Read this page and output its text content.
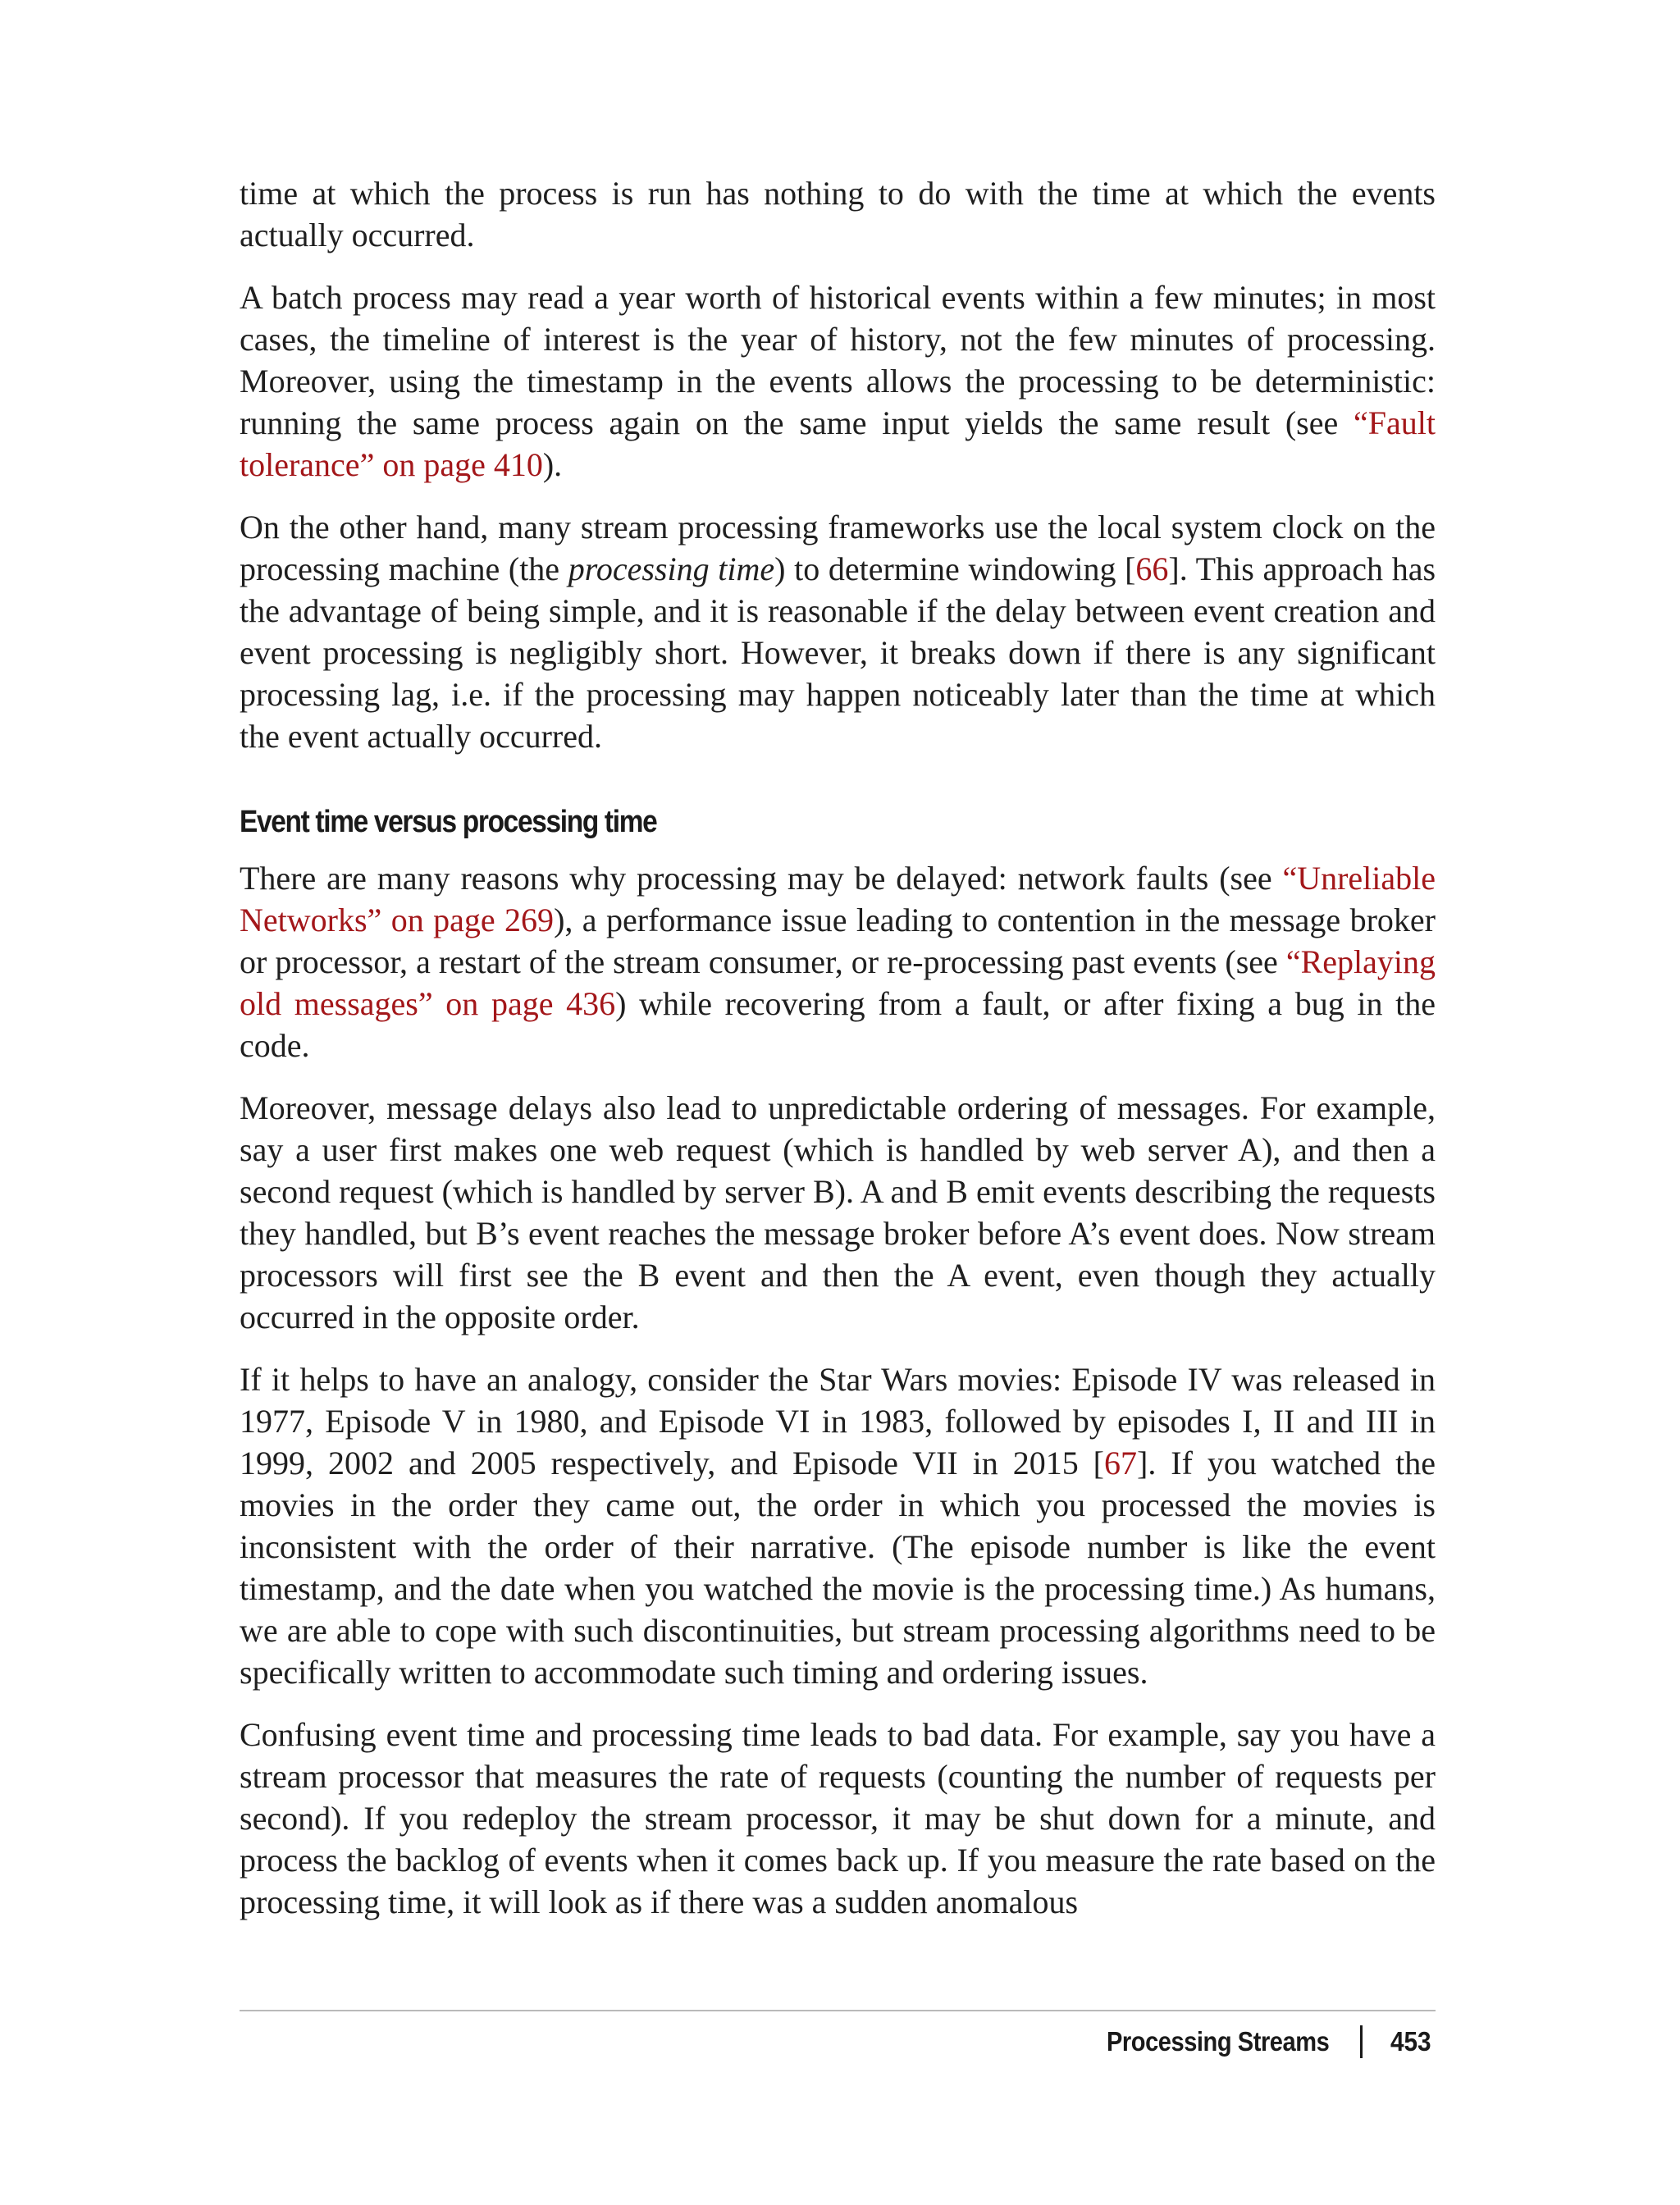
time at which the process is run has nothing to do with the time at which the events actually occurred.

A batch process may read a year worth of historical events within a few minutes; in most cases, the timeline of interest is the year of history, not the few minutes of processing. Moreover, using the timestamp in the events allows the processing to be deterministic: running the same process again on the same input yields the same result (see “Fault tolerance” on page 410).

On the other hand, many stream processing frameworks use the local system clock on the processing machine (the processing time) to determine windowing [66]. This approach has the advantage of being simple, and it is reasonable if the delay between event creation and event processing is negligibly short. However, it breaks down if there is any significant processing lag, i.e. if the processing may happen noticeably later than the time at which the event actually occurred.

Event time versus processing time

There are many reasons why processing may be delayed: network faults (see “Unreliable Networks” on page 269), a performance issue leading to contention in the message broker or processor, a restart of the stream consumer, or re-processing past events (see “Replaying old messages” on page 436) while recovering from a fault, or after fixing a bug in the code.

Moreover, message delays also lead to unpredictable ordering of messages. For example, say a user first makes one web request (which is handled by web server A), and then a second request (which is handled by server B). A and B emit events describing the requests they handled, but B’s event reaches the message broker before A’s event does. Now stream processors will first see the B event and then the A event, even though they actually occurred in the opposite order.

If it helps to have an analogy, consider the Star Wars movies: Episode IV was released in 1977, Episode V in 1980, and Episode VI in 1983, followed by episodes I, II and III in 1999, 2002 and 2005 respectively, and Episode VII in 2015 [67]. If you watched the movies in the order they came out, the order in which you processed the movies is inconsistent with the order of their narrative. (The episode number is like the event timestamp, and the date when you watched the movie is the processing time.) As humans, we are able to cope with such discontinuities, but stream processing algorithms need to be specifically written to accommodate such timing and ordering issues.

Confusing event time and processing time leads to bad data. For example, say you have a stream processor that measures the rate of requests (counting the number of requests per second). If you redeploy the stream processor, it may be shut down for a minute, and process the backlog of events when it comes back up. If you measure the rate based on the processing time, it will look as if there was a sudden anomalous

Processing Streams 453
